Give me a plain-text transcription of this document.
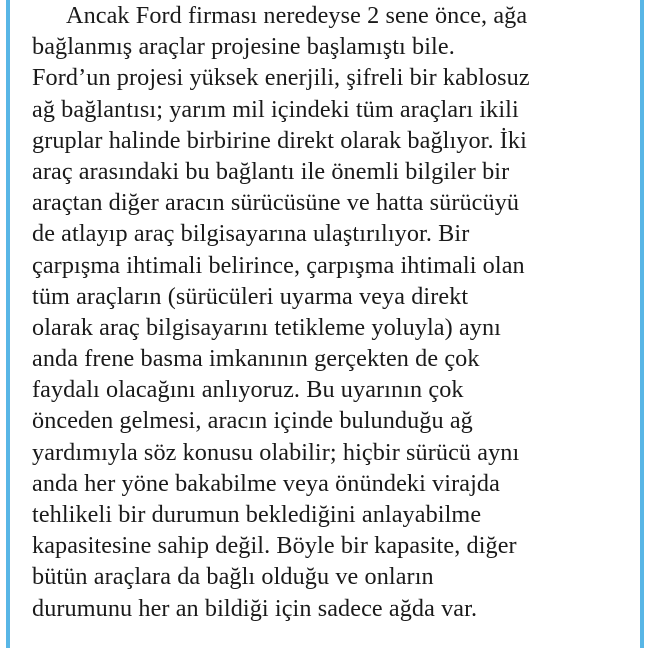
Ancak Ford firması neredeyse 2 sene önce, ağa
bağlanmış araçlar projesine başlamıştı bile.
Ford’un projesi yüksek enerjili, şifreli bir kablosuz
ağ bağlantısı; yarım mil içindeki tüm araçları ikili
gruplar halinde birbirine direkt olarak bağlıyor. İki
araç arasındaki bu bağlantı ile önemli bilgiler bir
araçtan diğer aracın sürücüsüne ve hatta sürücüyü
de atlayıp araç bilgisayarına ulaştırılıyor. Bir
çarpışma ihtimali belirince, çarpışma ihtimali olan
tüm araçların (sürücüleri uyarma veya direkt
olarak araç bilgisayarını tetikleme yoluyla) aynı
anda frene basma imkanının gerçekten de çok
faydalı olacağını anlıyoruz. Bu uyarının çok
önceden gelmesi, aracın içinde bulunduğu ağ
yardımıyla söz konusu olabilir; hiçbir sürücü aynı
anda her yöne bakabilme veya önündeki virajda
tehlikeli bir durumun beklediğini anlayabilme
kapasitesine sahip değil. Böyle bir kapasite, diğer
bütün araçlara da bağlı olduğu ve onların
durumunu her an bildiği için sadece ağda var.
